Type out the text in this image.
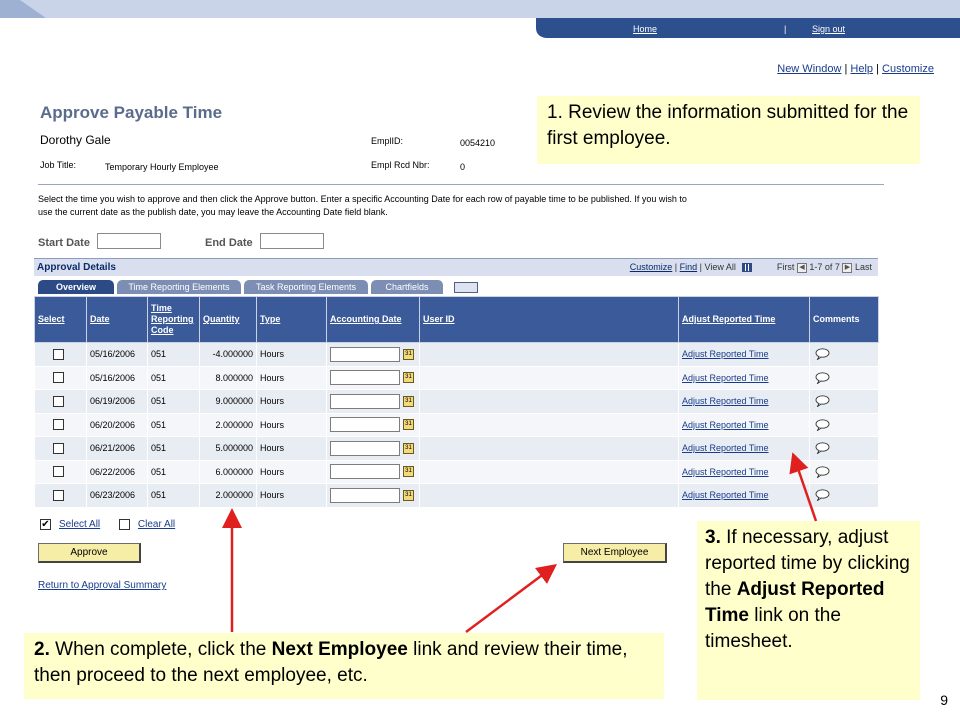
Home	|	Sign out
New Window | Help | Customize
Approve Payable Time
Dorothy Gale
Job Title:	Temporary Hourly Employee
EmplID:	0054210
Empl Rcd Nbr:	0
Select the time you wish to approve and then click the Approve button. Enter a specific Accounting Date for each row of payable time to be published. If you wish to use the current date as the publish date, you may leave the Accounting Date field blank.
Start Date	End Date
Approval Details	Customize | Find | View All	First ◀ 1-7 of 7 ▶ Last
Overview	Time Reporting Elements	Task Reporting Elements	Chartfields
Select	Date	Time Reporting Code	Quantity	Type	Accounting Date	User ID	Adjust Reported Time	Comments
	05/16/2006	051	-4.000000	Hours	31		Adjust Reported Time	
	05/16/2006	051	8.000000	Hours	31		Adjust Reported Time	
	06/19/2006	051	9.000000	Hours	31		Adjust Reported Time	
	06/20/2006	051	2.000000	Hours	31		Adjust Reported Time	
	06/21/2006	051	5.000000	Hours	31		Adjust Reported Time	
	06/22/2006	051	6.000000	Hours	31		Adjust Reported Time	
	06/23/2006	051	2.000000	Hours	31		Adjust Reported Time	
✔ Select All	Clear All
Approve	Next Employee
Return to Approval Summary
1. Review the information submitted for the first employee.
2. When complete, click the Next Employee link and review their time, then proceed to the next employee, etc.
3. If necessary, adjust reported time by clicking the Adjust Reported Time link on the timesheet.
9
